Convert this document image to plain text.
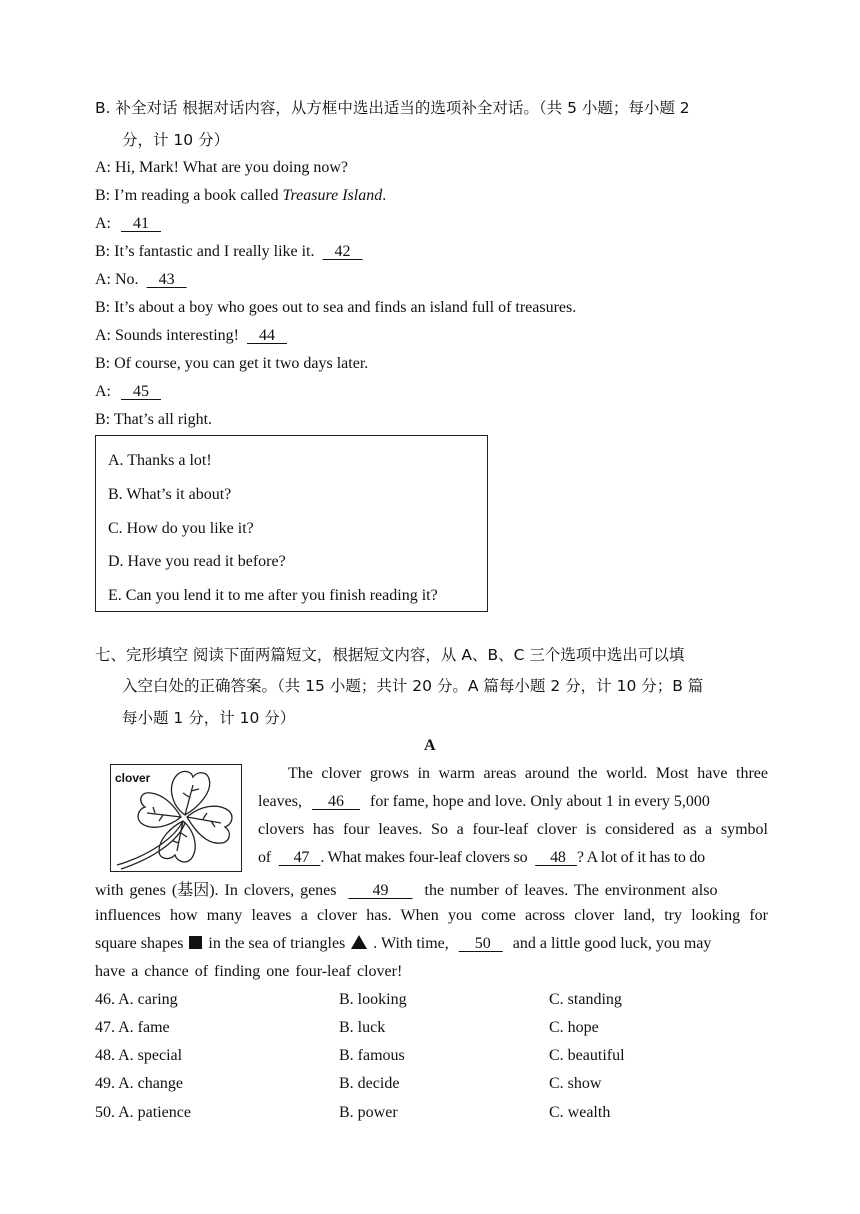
B. 补全对话 根据对话内容，从方框中选出适当的选项补全对话。（共 5 小题；每小题 2
分，计 10 分）
A: Hi, Mark! What are you doing now?
B: I’m reading a book called Treasure Island.
A: 41
B: It’s fantastic and I really like it. 42
A: No. 43
B: It’s about a boy who goes out to sea and finds an island full of treasures.
A: Sounds interesting! 44
B: Of course, you can get it two days later.
A: 45
B: That’s all right.
A. Thanks a lot!
B. What’s it about?
C. How do you like it?
D. Have you read it before?
E. Can you lend it to me after you finish reading it?
七、完形填空 阅读下面两篇短文，根据短文内容，从 A、B、C 三个选项中选出可以填
入空白处的正确答案。（共 15 小题；共计 20 分。A 篇每小题 2 分，计 10 分；B 篇
每小题 1 分，计 10 分）
A
clover	The clover grows in warm areas around the world. Most have three
leaves, 46 for fame, hope and love. Only about 1 in every 5,000
clovers has four leaves. So a four-leaf clover is considered as a symbol
of 47 . What makes four-leaf clovers so 48 ? A lot of it has to do
with genes (基因). In clovers, genes 49 the number of leaves. The environment also
influences how many leaves a clover has. When you come across clover land, try looking for
square shapes in the sea of triangles . With time, 50 and a little good luck, you may
have a chance of finding one four-leaf clover!
46. A. caring	B. looking	C. standing
47. A. fame	B. luck	C. hope
48. A. special	B. famous	C. beautiful
49. A. change	B. decide	C. show
50. A. patience	B. power	C. wealth
